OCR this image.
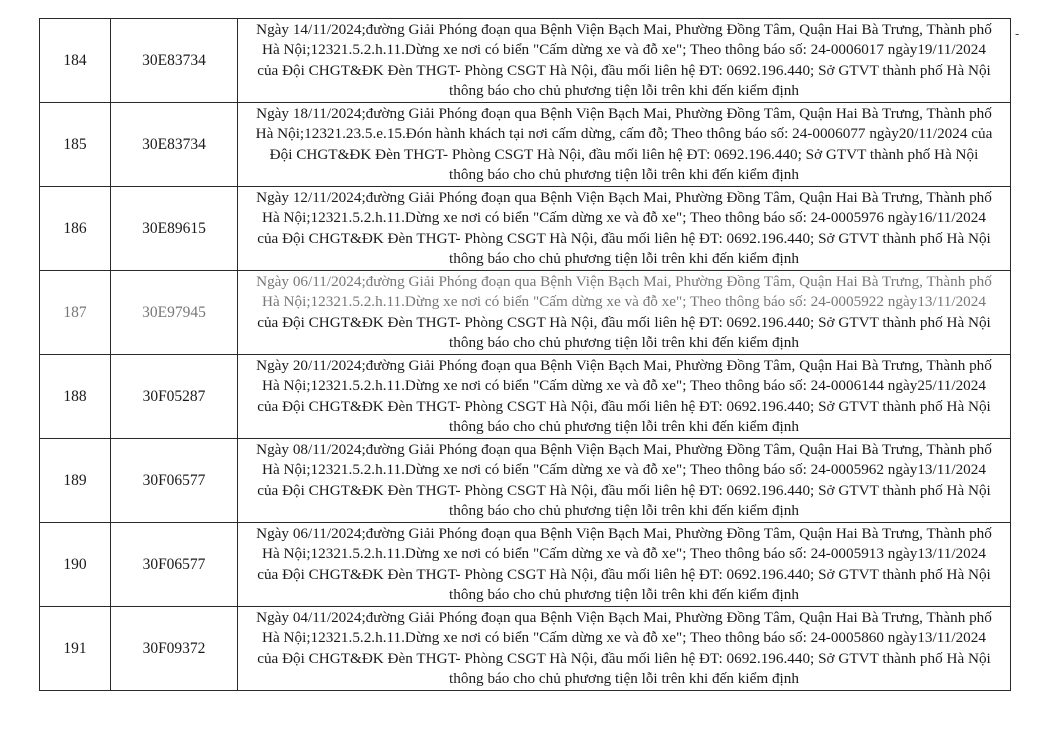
-
184	30E83734	Ngày 14/11/2024;đường Giải Phóng đoạn qua Bệnh Viện Bạch Mai, Phường Đồng Tâm, Quận Hai Bà Trưng, Thành phố
Hà Nội;12321.5.2.h.11.Dừng xe nơi có biển "Cấm dừng xe và đỗ xe"; Theo thông báo số: 24-0006017 ngày19/11/2024
của Đội CHGT&ĐK Đèn THGT- Phòng CSGT Hà Nội, đầu mối liên hệ ĐT: 0692.196.440; Sở GTVT thành phố Hà Nội
thông báo cho chủ phương tiện lỗi trên khi đến kiểm định

185	30E83734	Ngày 18/11/2024;đường Giải Phóng đoạn qua Bệnh Viện Bạch Mai, Phường Đồng Tâm, Quận Hai Bà Trưng, Thành phố
Hà Nội;12321.23.5.e.15.Đón hành khách tại nơi cấm dừng, cấm đỗ; Theo thông báo số: 24-0006077 ngày20/11/2024 của
Đội CHGT&ĐK Đèn THGT- Phòng CSGT Hà Nội, đầu mối liên hệ ĐT: 0692.196.440; Sở GTVT thành phố Hà Nội
thông báo cho chủ phương tiện lỗi trên khi đến kiểm định

186	30E89615	Ngày 12/11/2024;đường Giải Phóng đoạn qua Bệnh Viện Bạch Mai, Phường Đồng Tâm, Quận Hai Bà Trưng, Thành phố
Hà Nội;12321.5.2.h.11.Dừng xe nơi có biển "Cấm dừng xe và đỗ xe"; Theo thông báo số: 24-0005976 ngày16/11/2024
của Đội CHGT&ĐK Đèn THGT- Phòng CSGT Hà Nội, đầu mối liên hệ ĐT: 0692.196.440; Sở GTVT thành phố Hà Nội
thông báo cho chủ phương tiện lỗi trên khi đến kiểm định

187	30E97945	Ngày 06/11/2024;đường Giải Phóng đoạn qua Bệnh Viện Bạch Mai, Phường Đồng Tâm, Quận Hai Bà Trưng, Thành phố
Hà Nội;12321.5.2.h.11.Dừng xe nơi có biển "Cấm dừng xe và đỗ xe"; Theo thông báo số: 24-0005922 ngày13/11/2024
của Đội CHGT&ĐK Đèn THGT- Phòng CSGT Hà Nội, đầu mối liên hệ ĐT: 0692.196.440; Sở GTVT thành phố Hà Nội
thông báo cho chủ phương tiện lỗi trên khi đến kiểm định

188	30F05287	Ngày 20/11/2024;đường Giải Phóng đoạn qua Bệnh Viện Bạch Mai, Phường Đồng Tâm, Quận Hai Bà Trưng, Thành phố
Hà Nội;12321.5.2.h.11.Dừng xe nơi có biển "Cấm dừng xe và đỗ xe"; Theo thông báo số: 24-0006144 ngày25/11/2024
của Đội CHGT&ĐK Đèn THGT- Phòng CSGT Hà Nội, đầu mối liên hệ ĐT: 0692.196.440; Sở GTVT thành phố Hà Nội
thông báo cho chủ phương tiện lỗi trên khi đến kiểm định

189	30F06577	Ngày 08/11/2024;đường Giải Phóng đoạn qua Bệnh Viện Bạch Mai, Phường Đồng Tâm, Quận Hai Bà Trưng, Thành phố
Hà Nội;12321.5.2.h.11.Dừng xe nơi có biển "Cấm dừng xe và đỗ xe"; Theo thông báo số: 24-0005962 ngày13/11/2024
của Đội CHGT&ĐK Đèn THGT- Phòng CSGT Hà Nội, đầu mối liên hệ ĐT: 0692.196.440; Sở GTVT thành phố Hà Nội
thông báo cho chủ phương tiện lỗi trên khi đến kiểm định

190	30F06577	Ngày 06/11/2024;đường Giải Phóng đoạn qua Bệnh Viện Bạch Mai, Phường Đồng Tâm, Quận Hai Bà Trưng, Thành phố
Hà Nội;12321.5.2.h.11.Dừng xe nơi có biển "Cấm dừng xe và đỗ xe"; Theo thông báo số: 24-0005913 ngày13/11/2024
của Đội CHGT&ĐK Đèn THGT- Phòng CSGT Hà Nội, đầu mối liên hệ ĐT: 0692.196.440; Sở GTVT thành phố Hà Nội
thông báo cho chủ phương tiện lỗi trên khi đến kiểm định

191	30F09372	Ngày 04/11/2024;đường Giải Phóng đoạn qua Bệnh Viện Bạch Mai, Phường Đồng Tâm, Quận Hai Bà Trưng, Thành phố
Hà Nội;12321.5.2.h.11.Dừng xe nơi có biển "Cấm dừng xe và đỗ xe"; Theo thông báo số: 24-0005860 ngày13/11/2024
của Đội CHGT&ĐK Đèn THGT- Phòng CSGT Hà Nội, đầu mối liên hệ ĐT: 0692.196.440; Sở GTVT thành phố Hà Nội
thông báo cho chủ phương tiện lỗi trên khi đến kiểm định
